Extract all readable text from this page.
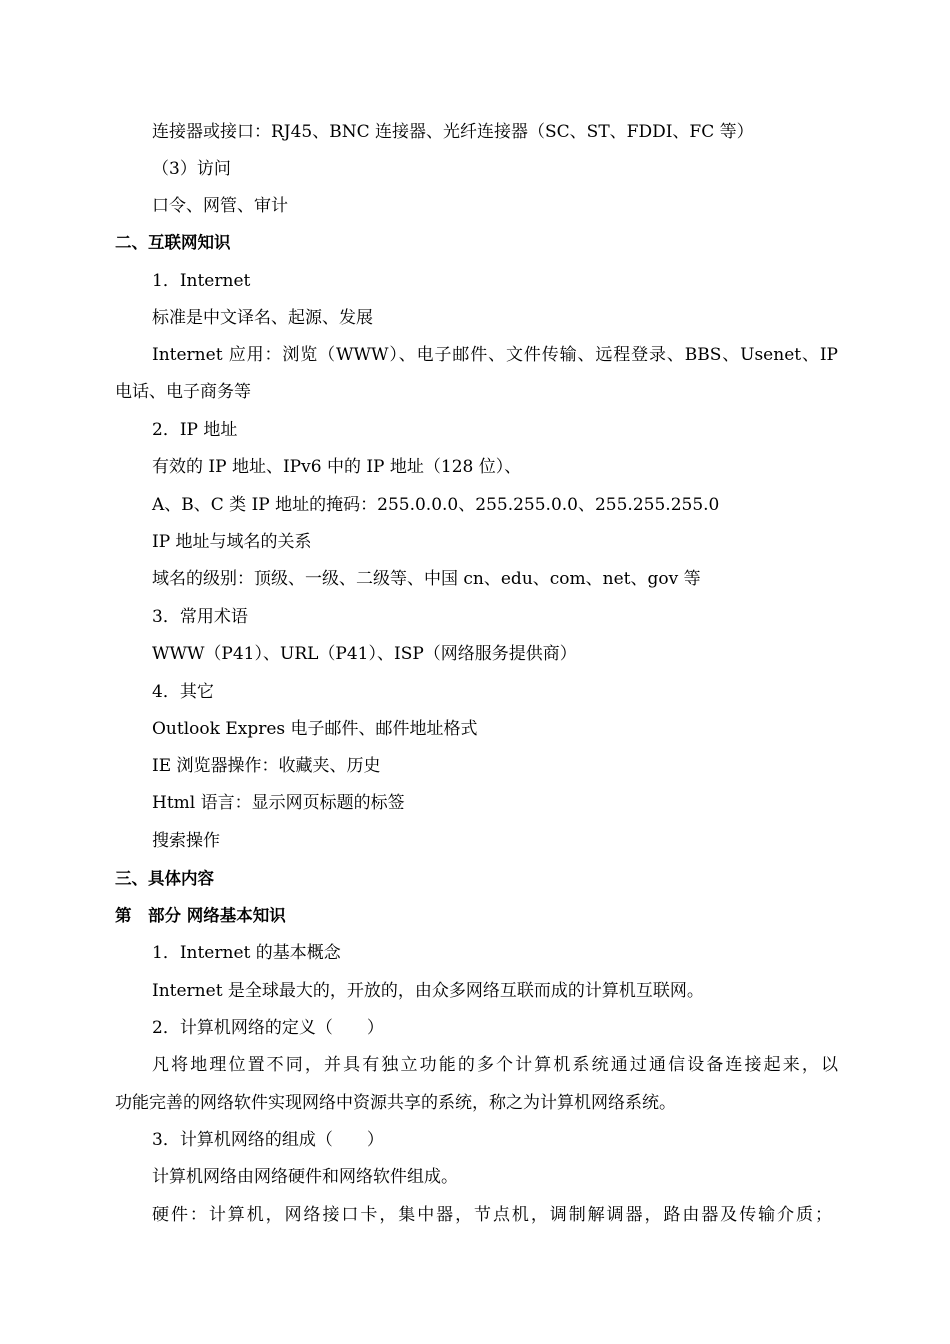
连接器或接口：RJ45、BNC 连接器、光纤连接器（SC、ST、FDDI、FC 等）
（3）访问
口令、网管、审计
二、互联网知识
1．Internet
标准是中文译名、起源、发展
Internet 应用：浏览（WWW）、电子邮件、文件传输、远程登录、BBS、Usenet、IP
电话、电子商务等
2．IP 地址
有效的 IP 地址、IPv6 中的 IP 地址（128 位）、
A、B、C 类 IP 地址的掩码：255.0.0.0、255.255.0.0、255.255.255.0
IP 地址与域名的关系
域名的级别：顶级、一级、二级等、中国 cn、edu、com、net、gov 等
3．常用术语
WWW（P41）、URL（P41）、ISP（网络服务提供商）
4．其它
Outlook Expres 电子邮件、邮件地址格式
IE 浏览器操作：收藏夹、历史
Html 语言：显示网页标题的标签
搜索操作
三、具体内容
第　部分 网络基本知识
1．Internet 的基本概念
Internet 是全球最大的，开放的，由众多网络互联而成的计算机互联网。
2．计算机网络的定义（　　）
凡将地理位置不同，并具有独立功能的多个计算机系统通过通信设备连接起来，以
功能完善的网络软件实现网络中资源共享的系统，称之为计算机网络系统。
3．计算机网络的组成（　　）
计算机网络由网络硬件和网络软件组成。
硬件：计算机，网络接口卡，集中器，节点机，调制解调器，路由器及传输介质；
